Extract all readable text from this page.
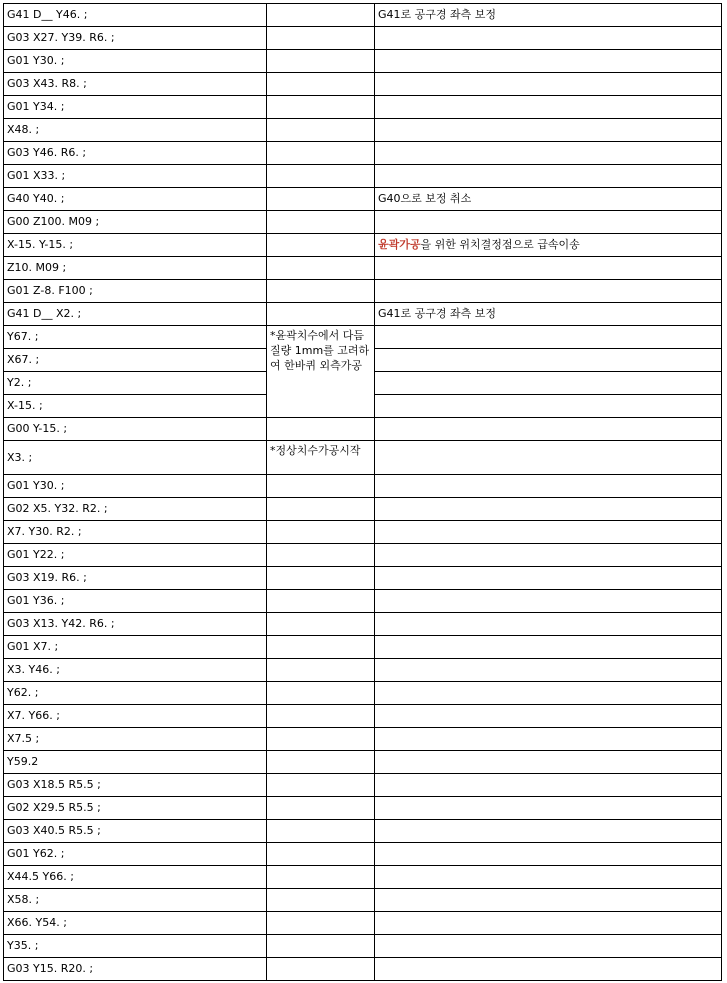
G41 D__ Y46. ;		G41로 공구경 좌측 보정
G03 X27. Y39. R6. ;		
G01 Y30. ;		
G03 X43. R8. ;		
G01 Y34. ;		
X48. ;		
G03 Y46. R6. ;		
G01 X33. ;		
G40 Y40. ;		G40으로 보정 취소
G00 Z100. M09 ;		
X-15. Y-15. ;		윤곽가공을 위한 위치결정점으로 급속이송
Z10. M09 ;		
G01 Z-8. F100 ;		
G41 D__ X2. ;		G41로 공구경 좌측 보정
Y67. ;	*윤곽치수에서 다듬질량 1mm를 고려하여 한바퀴 외측가공	
X67. ;		
Y2. ;		
X-15. ;		
G00 Y-15. ;		
X3. ;	*정상치수가공시작	
G01 Y30. ;		
G02 X5. Y32. R2. ;		
X7. Y30. R2. ;		
G01 Y22. ;		
G03 X19. R6. ;		
G01 Y36. ;		
G03 X13. Y42. R6. ;		
G01 X7. ;		
X3. Y46. ;		
Y62. ;		
X7. Y66. ;		
X7.5 ;		
Y59.2		
G03 X18.5 R5.5 ;		
G02 X29.5 R5.5 ;		
G03 X40.5 R5.5 ;		
G01 Y62. ;		
X44.5 Y66. ;		
X58. ;		
X66. Y54. ;		
Y35. ;		
G03 Y15. R20. ;		
